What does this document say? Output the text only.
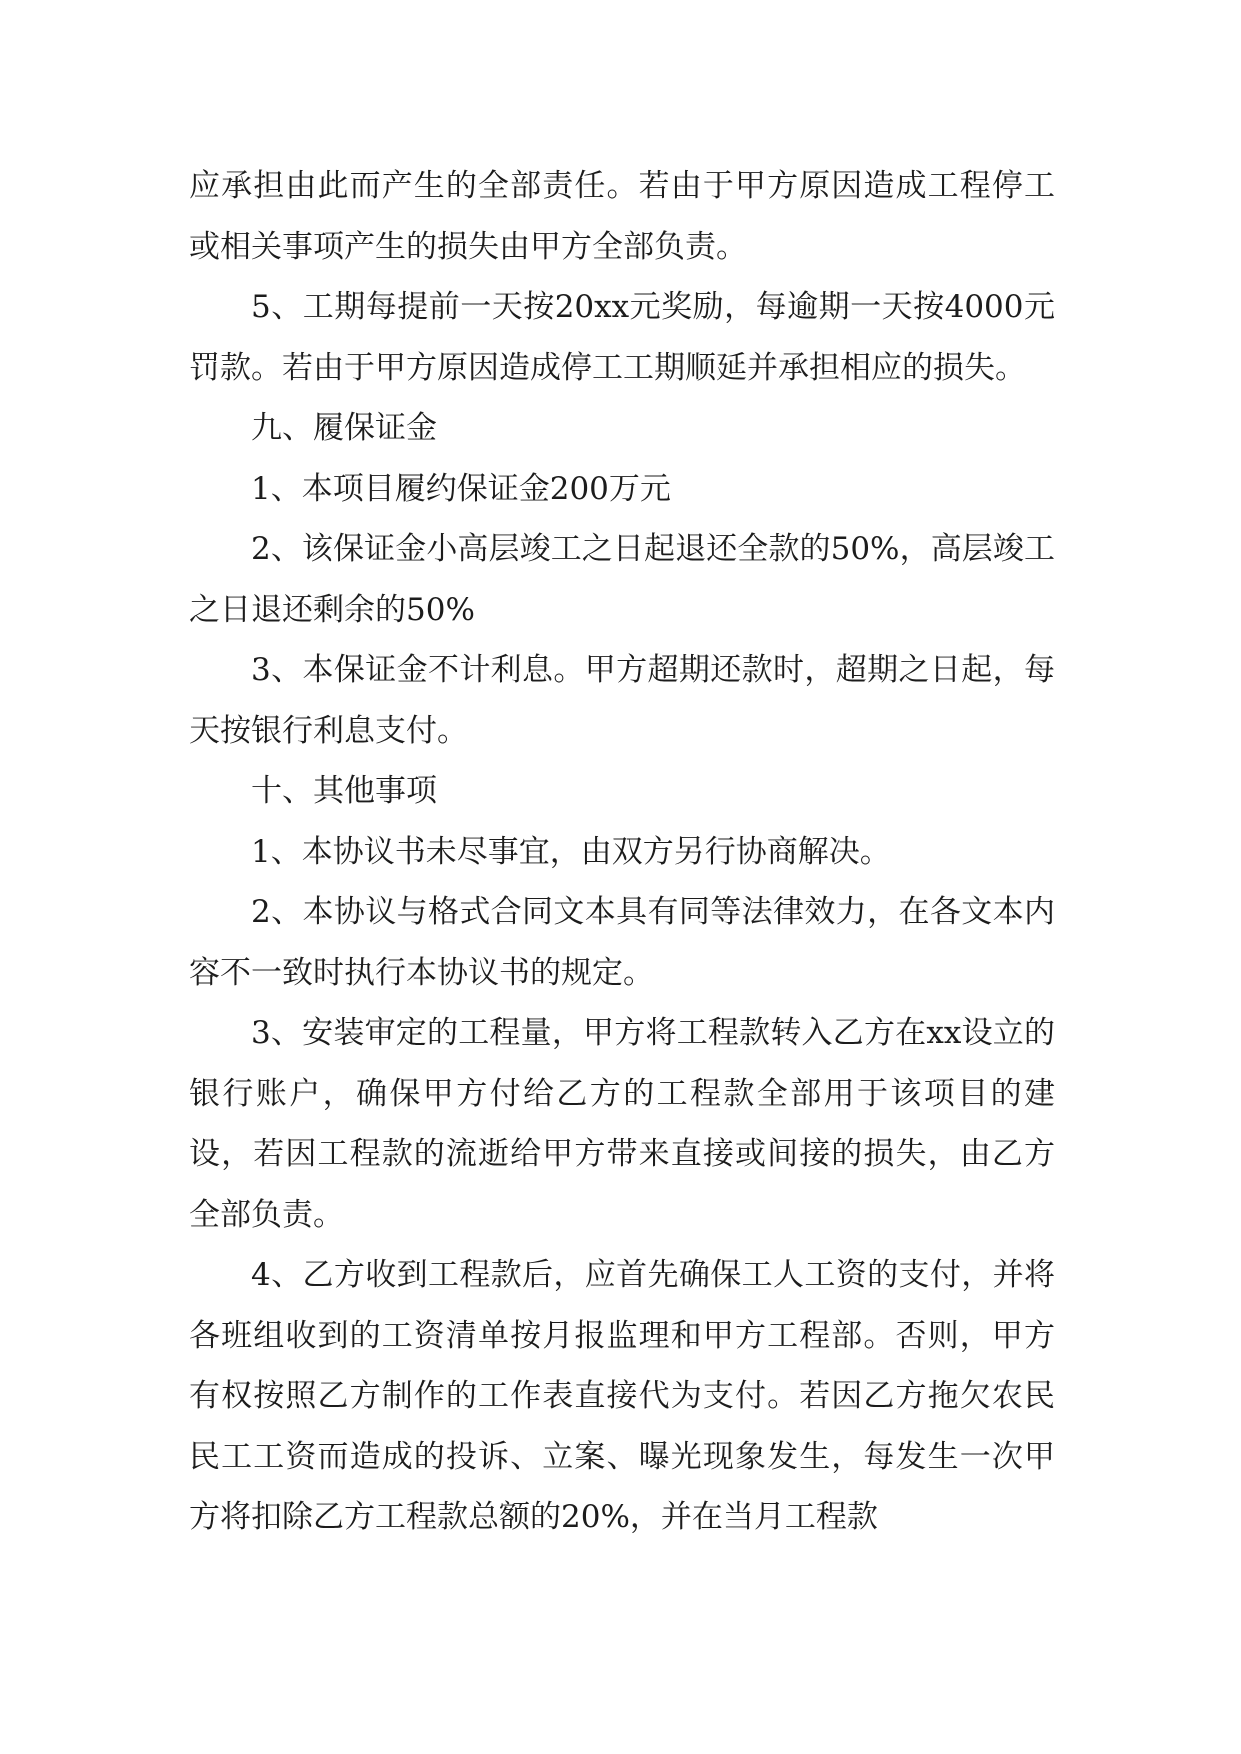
应承担由此而产生的全部责任。若由于甲方原因造成工程停工或相关事项产生的损失由甲方全部负责。

5、工期每提前一天按20xx元奖励，每逾期一天按4000元罚款。若由于甲方原因造成停工工期顺延并承担相应的损失。

九、履保证金

1、本项目履约保证金200万元

2、该保证金小高层竣工之日起退还全款的50%，高层竣工之日退还剩余的50%

3、本保证金不计利息。甲方超期还款时，超期之日起，每天按银行利息支付。

十、其他事项

1、本协议书未尽事宜，由双方另行协商解决。

2、本协议与格式合同文本具有同等法律效力，在各文本内容不一致时执行本协议书的规定。

3、安装审定的工程量，甲方将工程款转入乙方在xx设立的银行账户，确保甲方付给乙方的工程款全部用于该项目的建设，若因工程款的流逝给甲方带来直接或间接的损失，由乙方全部负责。

4、乙方收到工程款后，应首先确保工人工资的支付，并将各班组收到的工资清单按月报监理和甲方工程部。否则，甲方有权按照乙方制作的工作表直接代为支付。若因乙方拖欠农民民工工资而造成的投诉、立案、曝光现象发生，每发生一次甲方将扣除乙方工程款总额的20%，并在当月工程款
